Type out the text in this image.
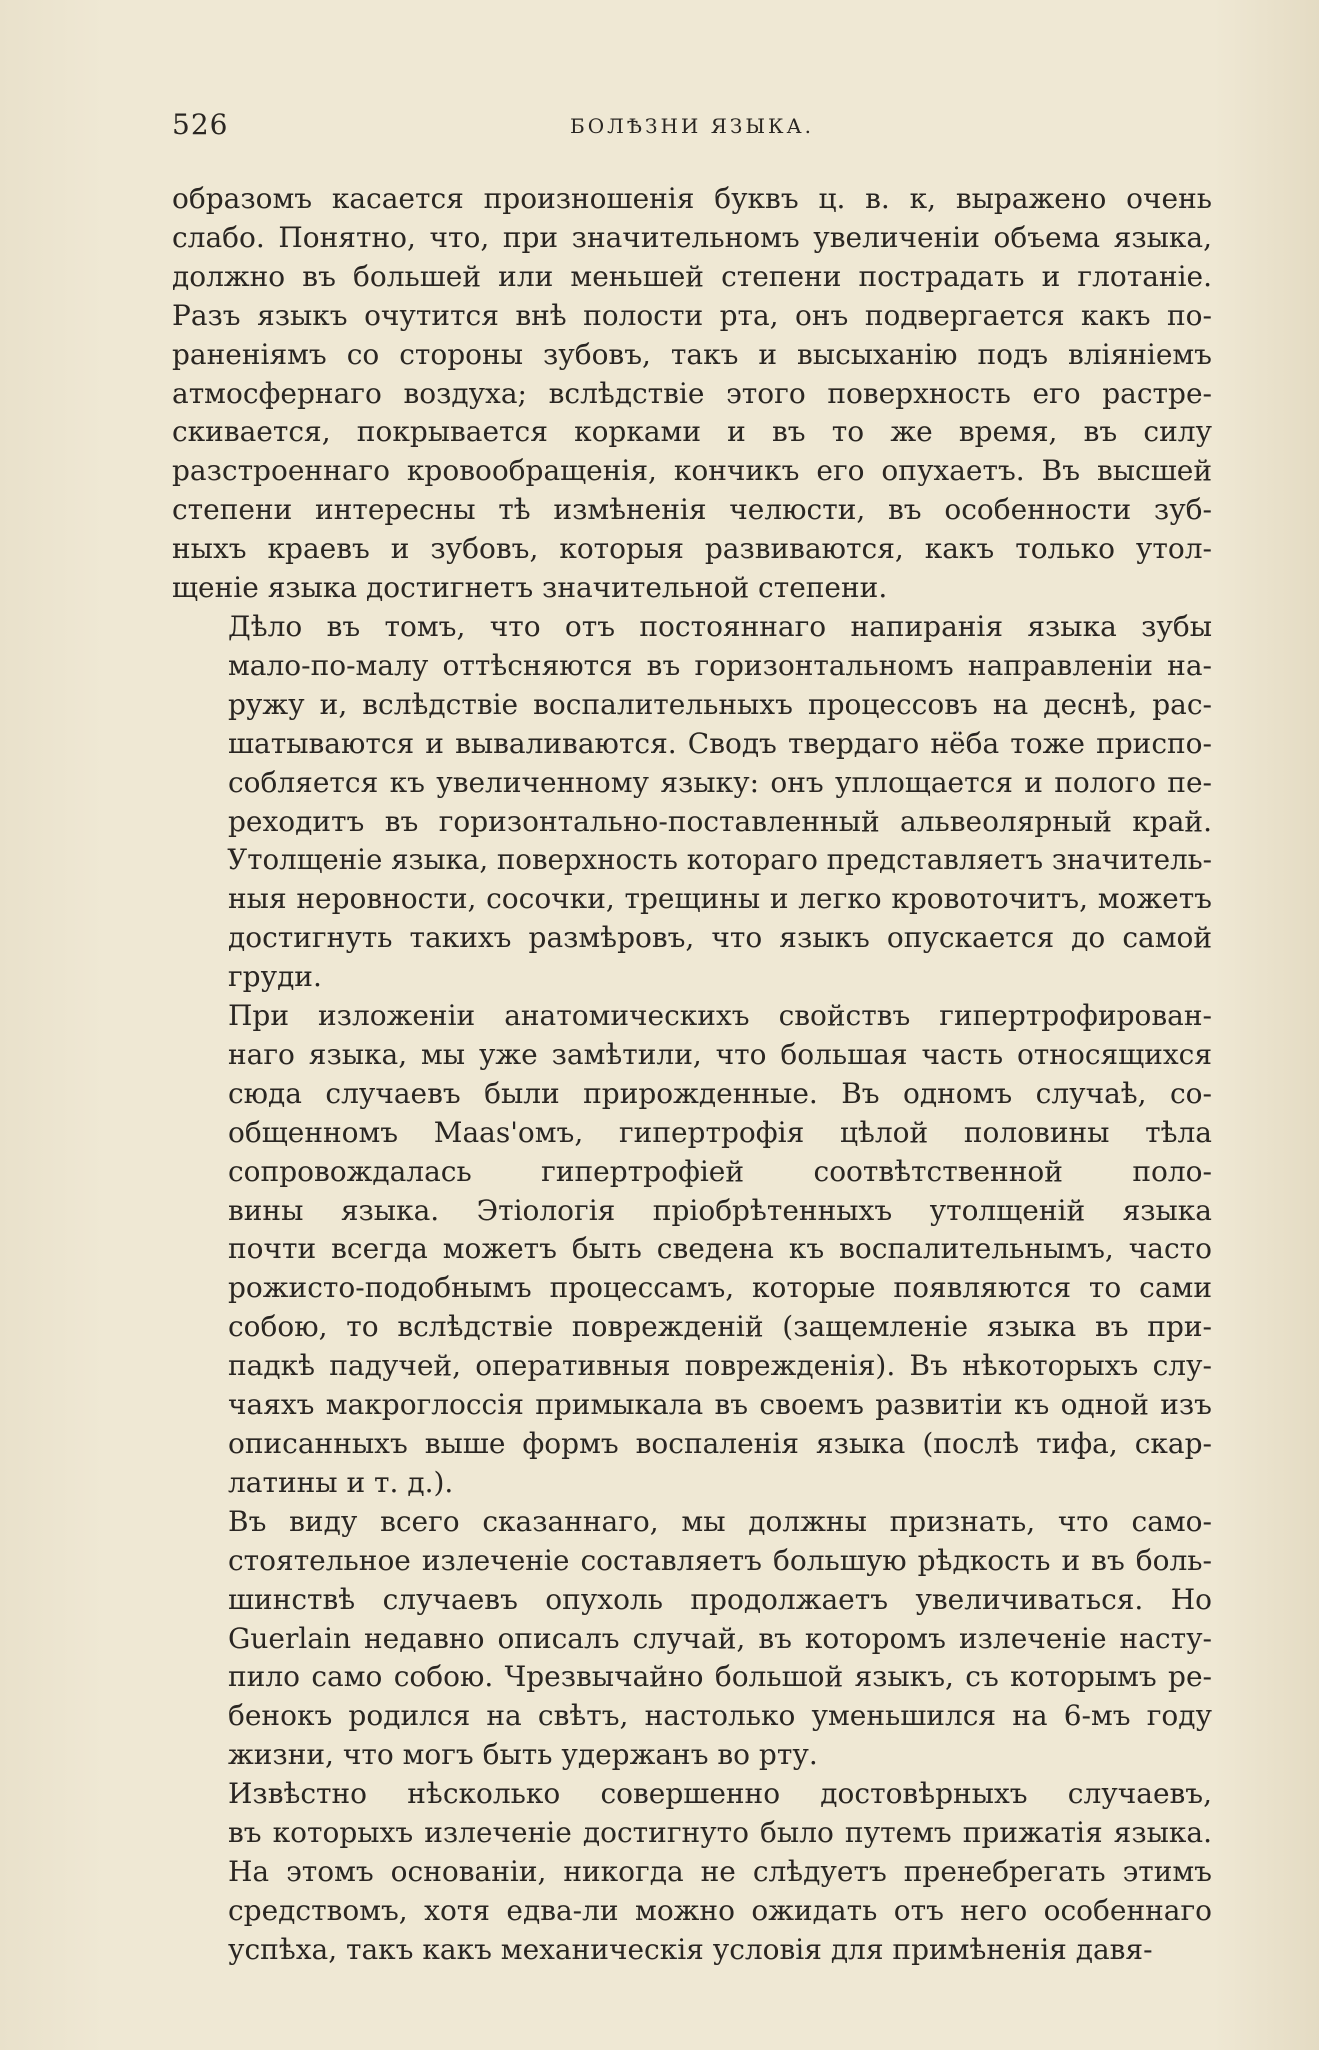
526	БОЛѢЗНИ ЯЗЫКА.
образомъ касается произношенія буквъ ц. в. к, выражено очень
слабо. Понятно, что, при значительномъ увеличеніи объема языка,
должно въ большей или меньшей степени пострадать и глотаніе.
Разъ языкъ очутится внѣ полости рта, онъ подвергается какъ по-
раненіямъ со стороны зубовъ, такъ и высыханію подъ вліяніемъ
атмосфернаго воздуха; вслѣдствіе этого поверхность его растре-
скивается, покрывается корками и въ то же время, въ силу
разстроеннаго кровообращенія, кончикъ его опухаетъ. Въ высшей
степени интересны тѣ измѣненія челюсти, въ особенности зуб-
ныхъ краевъ и зубовъ, которыя развиваются, какъ только утол-
щеніе языка достигнетъ значительной степени.
Дѣло въ томъ, что отъ постояннаго напиранія языка зубы
мало-по-малу оттѣсняются въ горизонтальномъ направленіи на-
ружу и, вслѣдствіе воспалительныхъ процессовъ на деснѣ, рас-
шатываются и вываливаются. Сводъ твердаго нёба тоже приспо-
собляется къ увеличенному языку: онъ уплощается и полого пе-
реходитъ въ горизонтально-поставленный альвеолярный край.
Утолщеніе языка, поверхность котораго представляетъ значитель-
ныя неровности, сосочки, трещины и легко кровоточитъ, можетъ
достигнуть такихъ размѣровъ, что языкъ опускается до самой
груди.
При изложеніи анатомическихъ свойствъ гипертрофирован-
наго языка, мы уже замѣтили, что большая часть относящихся
сюда случаевъ были прирожденные. Въ одномъ случаѣ, со-
общенномъ Maas'омъ, гипертрофія цѣлой половины тѣла
сопровождалась гипертрофіей соотвѣтственной поло-
вины языка. Этіологія пріобрѣтенныхъ утолщеній языка
почти всегда можетъ быть сведена къ воспалительнымъ, часто
рожисто-подобнымъ процессамъ, которые появляются то сами
собою, то вслѣдствіе поврежденій (защемленіе языка въ при-
падкѣ падучей, оперативныя поврежденія). Въ нѣкоторыхъ слу-
чаяхъ макроглоссія примыкала въ своемъ развитіи къ одной изъ
описанныхъ выше формъ воспаленія языка (послѣ тифа, скар-
латины и т. д.).
Въ виду всего сказаннаго, мы должны признать, что само-
стоятельное излеченіе составляетъ большую рѣдкость и въ боль-
шинствѣ случаевъ опухоль продолжаетъ увеличиваться. Но
Guerlain недавно описалъ случай, въ которомъ излеченіе насту-
пило само собою. Чрезвычайно большой языкъ, съ которымъ ре-
бенокъ родился на свѣтъ, настолько уменьшился на 6-мъ году
жизни, что могъ быть удержанъ во рту.
Извѣстно нѣсколько совершенно достовѣрныхъ случаевъ,
въ которыхъ излеченіе достигнуто было путемъ прижатія языка.
На этомъ основаніи, никогда не слѣдуетъ пренебрегать этимъ
средствомъ, хотя едва-ли можно ожидать отъ него особеннаго
успѣха, такъ какъ механическія условія для примѣненія давя-
